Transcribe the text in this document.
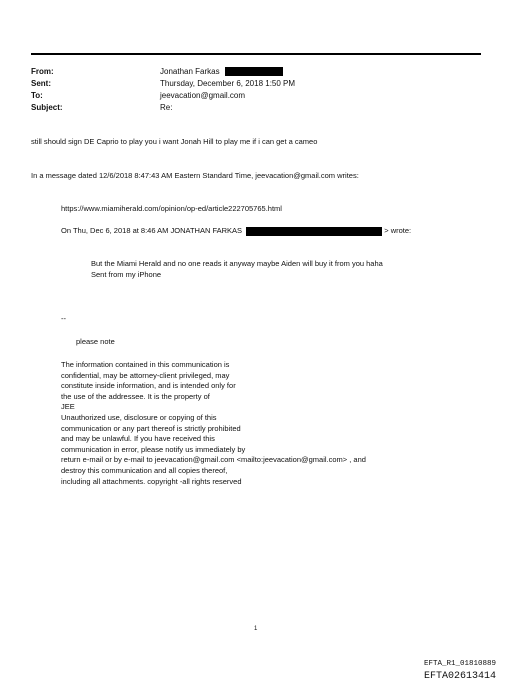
From:	Jonathan Farkas
Sent:	Thursday, December 6, 2018 1:50 PM
To:	jeevacation@gmail.com
Subject:	Re:
still should sign DE Caprio to play you i want Jonah Hill to play me if i can get a cameo
In a message dated 12/6/2018 8:47:43 AM Eastern Standard Time, jeevacation@gmail.com writes:
https://www.miamiherald.com/opinion/op-ed/article222705765.html
On Thu, Dec 6, 2018 at 8:46 AM JONATHAN FARKAS	> wrote:
But the Miami Herald and no one reads it anyway maybe Aiden will buy it from you haha
Sent from my iPhone
--
please note
The information contained in this communication is
confidential, may be attorney-client privileged, may
constitute inside information, and is intended only for
the use of the addressee. It is the property of
JEE
Unauthorized use, disclosure or copying of this
communication or any part thereof is strictly prohibited
and may be unlawful. If you have received this
communication in error, please notify us immediately by
return e-mail or by e-mail to jeevacation@gmail.com <mailto:jeevacation@gmail.com> , and
destroy this communication and all copies thereof,
including all attachments. copyright -all rights reserved
1
EFTA_R1_01810889
EFTA02613414
